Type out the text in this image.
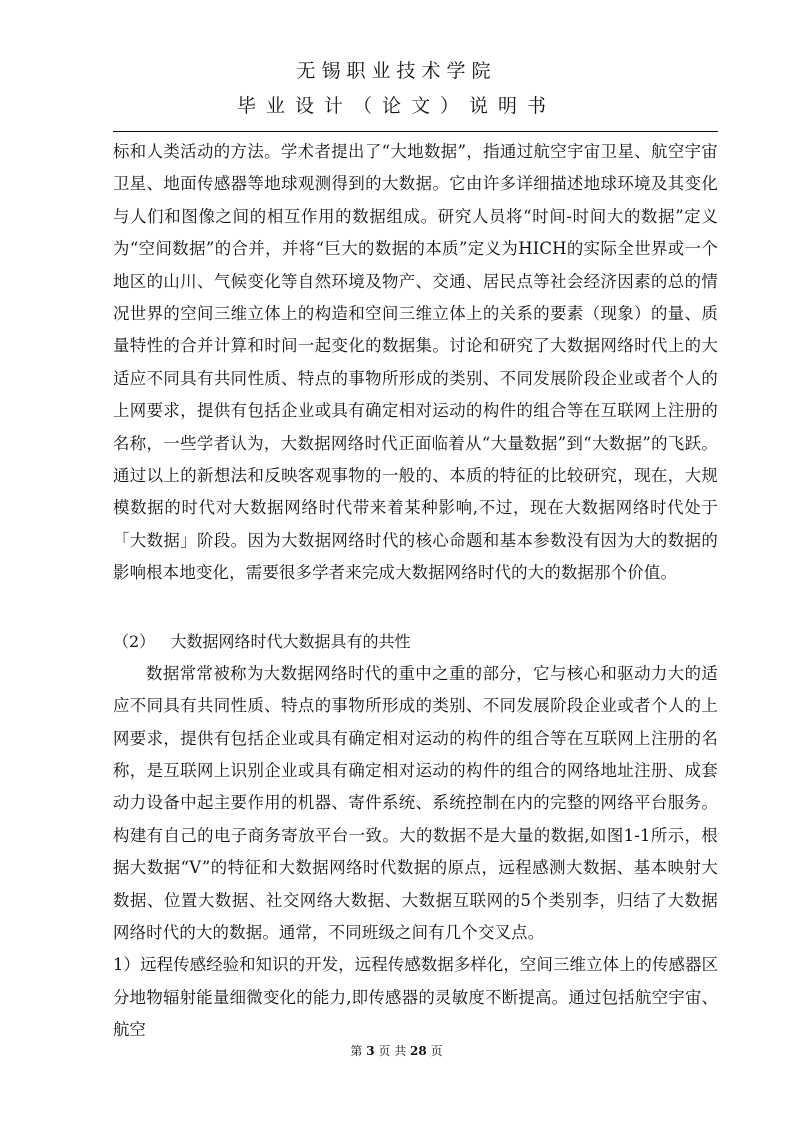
无锡职业技术学院
毕业设计（论文）说明书

标和人类活动的方法。学术者提出了“大地数据”，指通过航空宇宙卫星、航空宇宙卫星、地面传感器等地球观测得到的大数据。它由许多详细描述地球环境及其变化与人们和图像之间的相互作用的数据组成。研究人员将“时间-时间大的数据”定义为“空间数据”的合并，并将“巨大的数据的本质”定义为HICH的实际全世界或一个地区的山川、气候变化等自然环境及物产、交通、居民点等社会经济因素的总的情况世界的空间三维立体上的构造和空间三维立体上的关系的要素（现象）的量、质量特性的合并计算和时间一起变化的数据集。讨论和研究了大数据网络时代上的大适应不同具有共同性质、特点的事物所形成的类别、不同发展阶段企业或者个人的上网要求，提供有包括企业或具有确定相对运动的构件的组合等在互联网上注册的名称，一些学者认为，大数据网络时代正面临着从“大量数据”到“大数据”的飞跃。通过以上的新想法和反映客观事物的一般的、本质的特征的比较研究，现在，大规模数据的时代对大数据网络时代带来着某种影响,不过，现在大数据网络时代处于「大数据」阶段。因为大数据网络时代的核心命题和基本参数没有因为大的数据的影响根本地变化，需要很多学者来完成大数据网络时代的大的数据那个价值。

（2） 大数据网络时代大数据具有的共性

数据常常被称为大数据网络时代的重中之重的部分，它与核心和驱动力大的适应不同具有共同性质、特点的事物所形成的类别、不同发展阶段企业或者个人的上网要求，提供有包括企业或具有确定相对运动的构件的组合等在互联网上注册的名称，是互联网上识别企业或具有确定相对运动的构件的组合的网络地址注册、成套动力设备中起主要作用的机器、寄件系统、系统控制在内的完整的网络平台服务。构建有自己的电子商务寄放平台一致。大的数据不是大量的数据,如图1-1所示，根据大数据“V”的特征和大数据网络时代数据的原点，远程感测大数据、基本映射大数据、位置大数据、社交网络大数据、大数据互联网的5个类别李，归结了大数据网络时代的大的数据。通常，不同班级之间有几个交叉点。

1）远程传感经验和知识的开发，远程传感数据多样化，空间三维立体上的传感器区分地物辐射能量细微变化的能力,即传感器的灵敏度不断提高。通过包括航空宇宙、航空

第 3 页 共 28 页
